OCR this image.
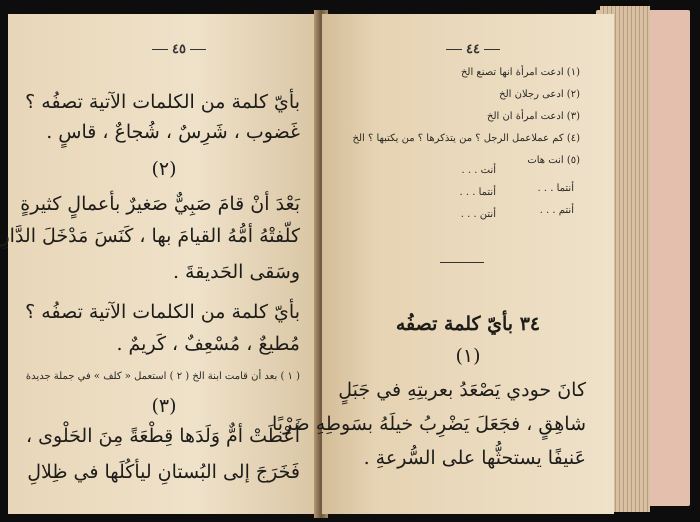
٤٥
بأيّ كلمة من الكلمات الآتية تصفُه ؟
غَضوب ، شَرِسٌ ، شُجاعٌ ، قاسٍ .
(٢)
بَعْدَ أنْ قامَ صَبِيٌّ صَغيرٌ بأعمالٍ كثيرةٍ
كلّفتْهُ أمُّهُ القيامَ بها ، كَنَسَ مَدْخَلَ الدَّارِ
وسَقى الحَديقةَ .
بأيّ كلمة من الكلمات الآتية تصفُه ؟
مُطيعٌ ، مُسْعِفٌ ، كَريمٌ .
( ١ ) بعد أن قامت ابنة الخ ( ٢ ) استعمل « كلف » في جملة جديدة
(٣)
أعْطَتْ أمٌّ وَلَدَها قِطْعَةً مِنَ الحَلْوى ،
فَخَرَجَ إلى البُستانِ ليأكُلَها في ظِلالِ
٤٤
(١) ادعت امرأة انها تصنع الخ
(٢) ادعى رجلان الخ
(٣) ادعت امرأة ان الخ
(٤) كم عملاعمل الرجل ؟ من يتذكرها ؟ من يكتبها ؟ الخ
(٥) انت هات
أنت . . .
أنتما . . .
أنتن . . .
أنتما . . .
أنتم . . .
٣٤ بأيّ كلمة تصفُه
(١)
كانَ حودي يَصْعَدُ بعربتِهِ في جَبَلٍ
شاهِقٍ ، فجَعَلَ يَضْرِبُ خيلَهُ بسَوطِهِ ضَرْبًا
عَنيفًا يستحثُّها على السُّرعةِ .
